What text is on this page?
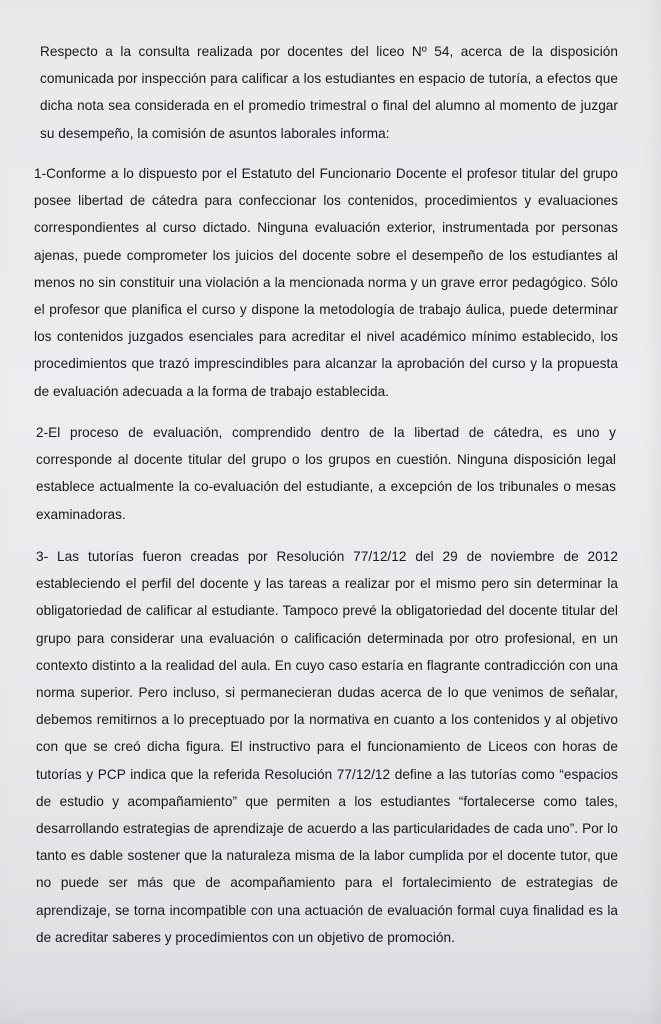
Respecto a la consulta realizada por docentes del liceo Nº 54, acerca de la disposición comunicada por inspección para calificar a los estudiantes en espacio de tutoría, a efectos que dicha nota sea considerada en el promedio trimestral o final del alumno al momento de juzgar su desempeño, la comisión de asuntos laborales informa:

1-Conforme a lo dispuesto por el Estatuto del Funcionario Docente el profesor titular del grupo posee libertad de cátedra para confeccionar los contenidos, procedimientos y evaluaciones correspondientes al curso dictado. Ninguna evaluación exterior, instrumentada por personas ajenas, puede comprometer los juicios del docente sobre el desempeño de los estudiantes al menos no sin constituir una violación a la mencionada norma y un grave error pedagógico. Sólo el profesor que planifica el curso y dispone la metodología de trabajo áulica, puede determinar los contenidos juzgados esenciales para acreditar el nivel académico mínimo establecido, los procedimientos que trazó imprescindibles para alcanzar la aprobación del curso y la propuesta de evaluación adecuada a la forma de trabajo establecida.

2-El proceso de evaluación, comprendido dentro de la libertad de cátedra, es uno y corresponde al docente titular del grupo o los grupos en cuestión. Ninguna disposición legal establece actualmente la co-evaluación del estudiante, a excepción de los tribunales o mesas examinadoras.

3- Las tutorías fueron creadas por Resolución 77/12/12 del 29 de noviembre de 2012 estableciendo el perfil del docente y las tareas a realizar por el mismo pero sin determinar la obligatoriedad de calificar al estudiante. Tampoco prevé la obligatoriedad del docente titular del grupo para considerar una evaluación o calificación determinada por otro profesional, en un contexto distinto a la realidad del aula. En cuyo caso estaría en flagrante contradicción con una norma superior. Pero incluso, si permanecieran dudas acerca de lo que venimos de señalar, debemos remitirnos a lo preceptuado por la normativa en cuanto a los contenidos y al objetivo con que se creó dicha figura. El instructivo para el funcionamiento de Liceos con horas de tutorías y PCP indica que la referida Resolución 77/12/12 define a las tutorías como “espacios de estudio y acompañamiento” que permiten a los estudiantes “fortalecerse como tales, desarrollando estrategias de aprendizaje de acuerdo a las particularidades de cada uno”. Por lo tanto es dable sostener que la naturaleza misma de la labor cumplida por el docente tutor, que no puede ser más que de acompañamiento para el fortalecimiento de estrategias de aprendizaje, se torna incompatible con una actuación de evaluación formal cuya finalidad es la de acreditar saberes y procedimientos con un objetivo de promoción.
